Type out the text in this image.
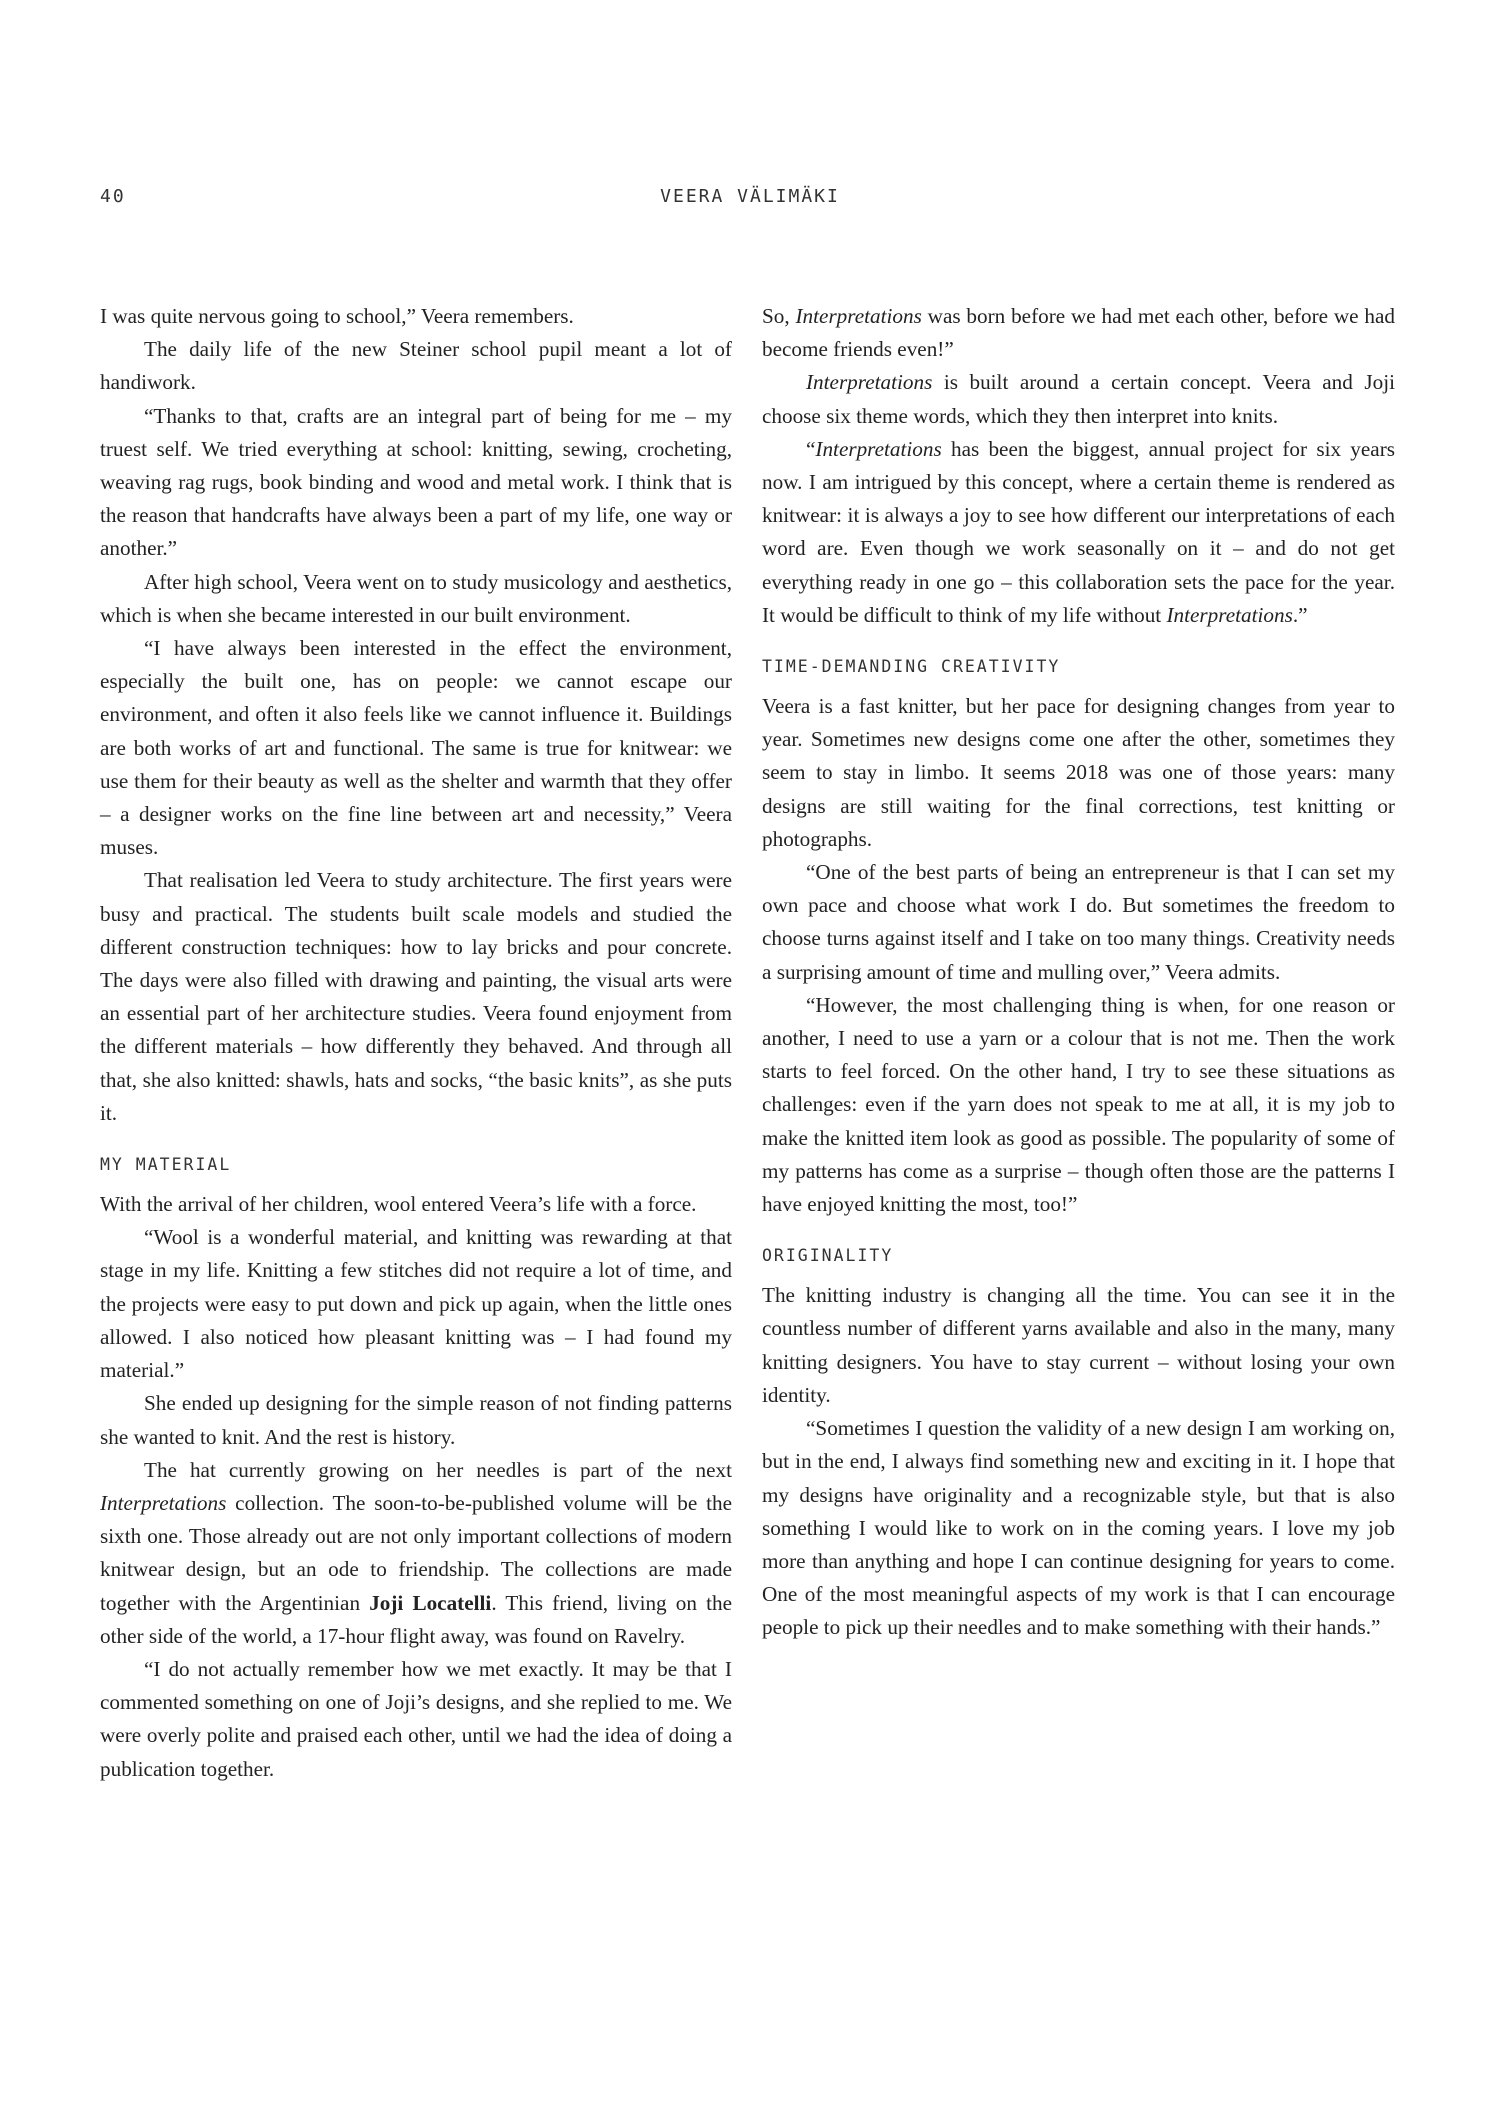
40	VEERA VÄLIMÄKI

I was quite nervous going to school,” Veera remembers.

The daily life of the new Steiner school pupil meant a lot of handiwork.

“Thanks to that, crafts are an integral part of being for me – my truest self. We tried everything at school: knitting, sewing, crocheting, weaving rag rugs, book binding and wood and metal work. I think that is the reason that handcrafts have always been a part of my life, one way or another.”

After high school, Veera went on to study musicology and aesthetics, which is when she became interested in our built environment.

“I have always been interested in the effect the environment, especially the built one, has on people: we cannot escape our environment, and often it also feels like we cannot influence it. Buildings are both works of art and functional. The same is true for knitwear: we use them for their beauty as well as the shelter and warmth that they offer – a designer works on the fine line between art and necessity,” Veera muses.

That realisation led Veera to study architecture. The first years were busy and practical. The students built scale models and studied the different construction techniques: how to lay bricks and pour concrete. The days were also filled with drawing and painting, the visual arts were an essential part of her architecture studies. Veera found enjoyment from the different materials – how differently they behaved. And through all that, she also knitted: shawls, hats and socks, “the basic knits”, as she puts it.

MY MATERIAL

With the arrival of her children, wool entered Veera’s life with a force.

“Wool is a wonderful material, and knitting was rewarding at that stage in my life. Knitting a few stitches did not require a lot of time, and the projects were easy to put down and pick up again, when the little ones allowed. I also noticed how pleasant knitting was – I had found my material.”

She ended up designing for the simple reason of not finding patterns she wanted to knit. And the rest is history.

The hat currently growing on her needles is part of the next Interpretations collection. The soon-to-be-published volume will be the sixth one. Those already out are not only important collections of modern knitwear design, but an ode to friendship. The collections are made together with the Argentinian Joji Locatelli. This friend, living on the other side of the world, a 17-hour flight away, was found on Ravelry.

“I do not actually remember how we met exactly. It may be that I commented something on one of Joji’s designs, and she replied to me. We were overly polite and praised each other, until we had the idea of doing a publication together.

So, Interpretations was born before we had met each other, before we had become friends even!”

Interpretations is built around a certain concept. Veera and Joji choose six theme words, which they then interpret into knits.

“Interpretations has been the biggest, annual project for six years now. I am intrigued by this concept, where a certain theme is rendered as knitwear: it is always a joy to see how different our interpretations of each word are. Even though we work seasonally on it – and do not get everything ready in one go – this collaboration sets the pace for the year. It would be difficult to think of my life without Interpretations.”

TIME-DEMANDING CREATIVITY

Veera is a fast knitter, but her pace for designing changes from year to year. Sometimes new designs come one after the other, sometimes they seem to stay in limbo. It seems 2018 was one of those years: many designs are still waiting for the final corrections, test knitting or photographs.

“One of the best parts of being an entrepreneur is that I can set my own pace and choose what work I do. But sometimes the freedom to choose turns against itself and I take on too many things. Creativity needs a surprising amount of time and mulling over,” Veera admits.

“However, the most challenging thing is when, for one reason or another, I need to use a yarn or a colour that is not me. Then the work starts to feel forced. On the other hand, I try to see these situations as challenges: even if the yarn does not speak to me at all, it is my job to make the knitted item look as good as possible. The popularity of some of my patterns has come as a surprise – though often those are the patterns I have enjoyed knitting the most, too!”

ORIGINALITY

The knitting industry is changing all the time. You can see it in the countless number of different yarns available and also in the many, many knitting designers. You have to stay current – without losing your own identity.

“Sometimes I question the validity of a new design I am working on, but in the end, I always find something new and exciting in it. I hope that my designs have originality and a recognizable style, but that is also something I would like to work on in the coming years. I love my job more than anything and hope I can continue designing for years to come. One of the most meaningful aspects of my work is that I can encourage people to pick up their needles and to make something with their hands.”
